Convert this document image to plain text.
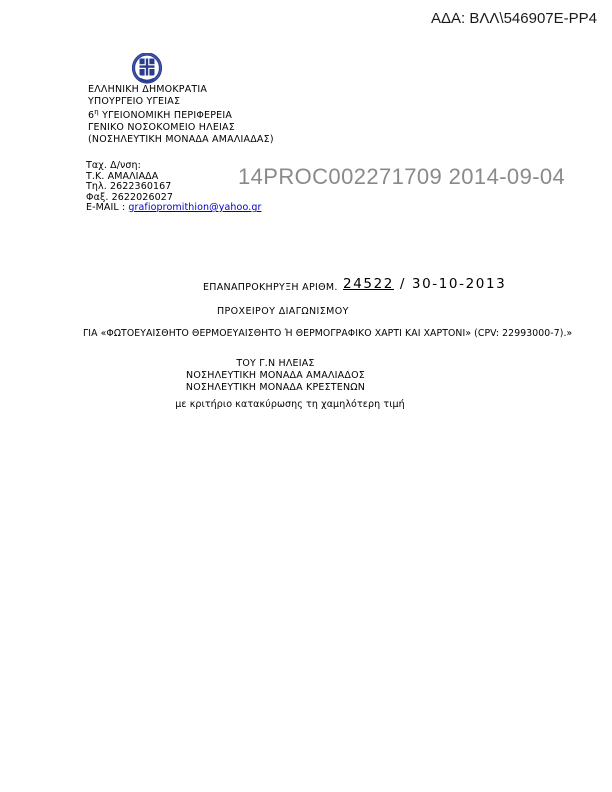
ΑΔΑ: ΒΛΛ\546907Ε-ΡΡ4
ΕΛΛΗΝΙΚΗ ΔΗΜΟΚΡΑΤΙΑ
ΥΠΟΥΡΓΕΙΟ ΥΓΕΙΑΣ
$6^\eta$ ΥΓΕΙΟΝΟΜΙΚΗ ΠΕΡΙΦΕΡΕΙΑ
ΓΕΝΙΚΟ ΝΟΣΟΚΟΜΕΙΟ ΗΛΕΙΑΣ
(ΝΟΣΗΛΕΥΤΙΚΗ ΜΟΝΑΔΑ ΑΜΑΛΙΑΔΑΣ)
Ταχ. Δ/νση:
Τ.Κ. ΑΜΑΛΙΑΔΑ
Τηλ. 2622360167
Φαξ. 2622026027
E-MAIL : grafiopromithion@yahoo.gr
14PROC002271709 2014-09-04
ΕΠΑΝΑΠΡΟΚΗΡΥΞΗ ΑΡΙΘΜ. 24522 / 30-10-2013
ΠΡΟΧΕΙΡΟΥ ΔΙΑΓΩΝΙΣΜΟΥ
ΓΙΑ «ΦΩΤΟΕΥΑΙΣΘΗΤΟ ΘΕΡΜΟΕΥΑΙΣΘΗΤΟ Ή ΘΕΡΜΟΓΡΑΦΙΚΟ ΧΑΡΤΙ ΚΑΙ ΧΑΡΤΟΝΙ» (CPV: 22993000-7).»
ΤΟΥ Γ.Ν ΗΛΕΙΑΣ
ΝΟΣΗΛΕΥΤΙΚΗ ΜΟΝΑΔΑ ΑΜΑΛΙΑΔΟΣ
ΝΟΣΗΛΕΥΤΙΚΗ ΜΟΝΑΔΑ ΚΡΕΣΤΕΝΩΝ
με κριτήριο κατακύρωσης τη χαμηλότερη τιμή
